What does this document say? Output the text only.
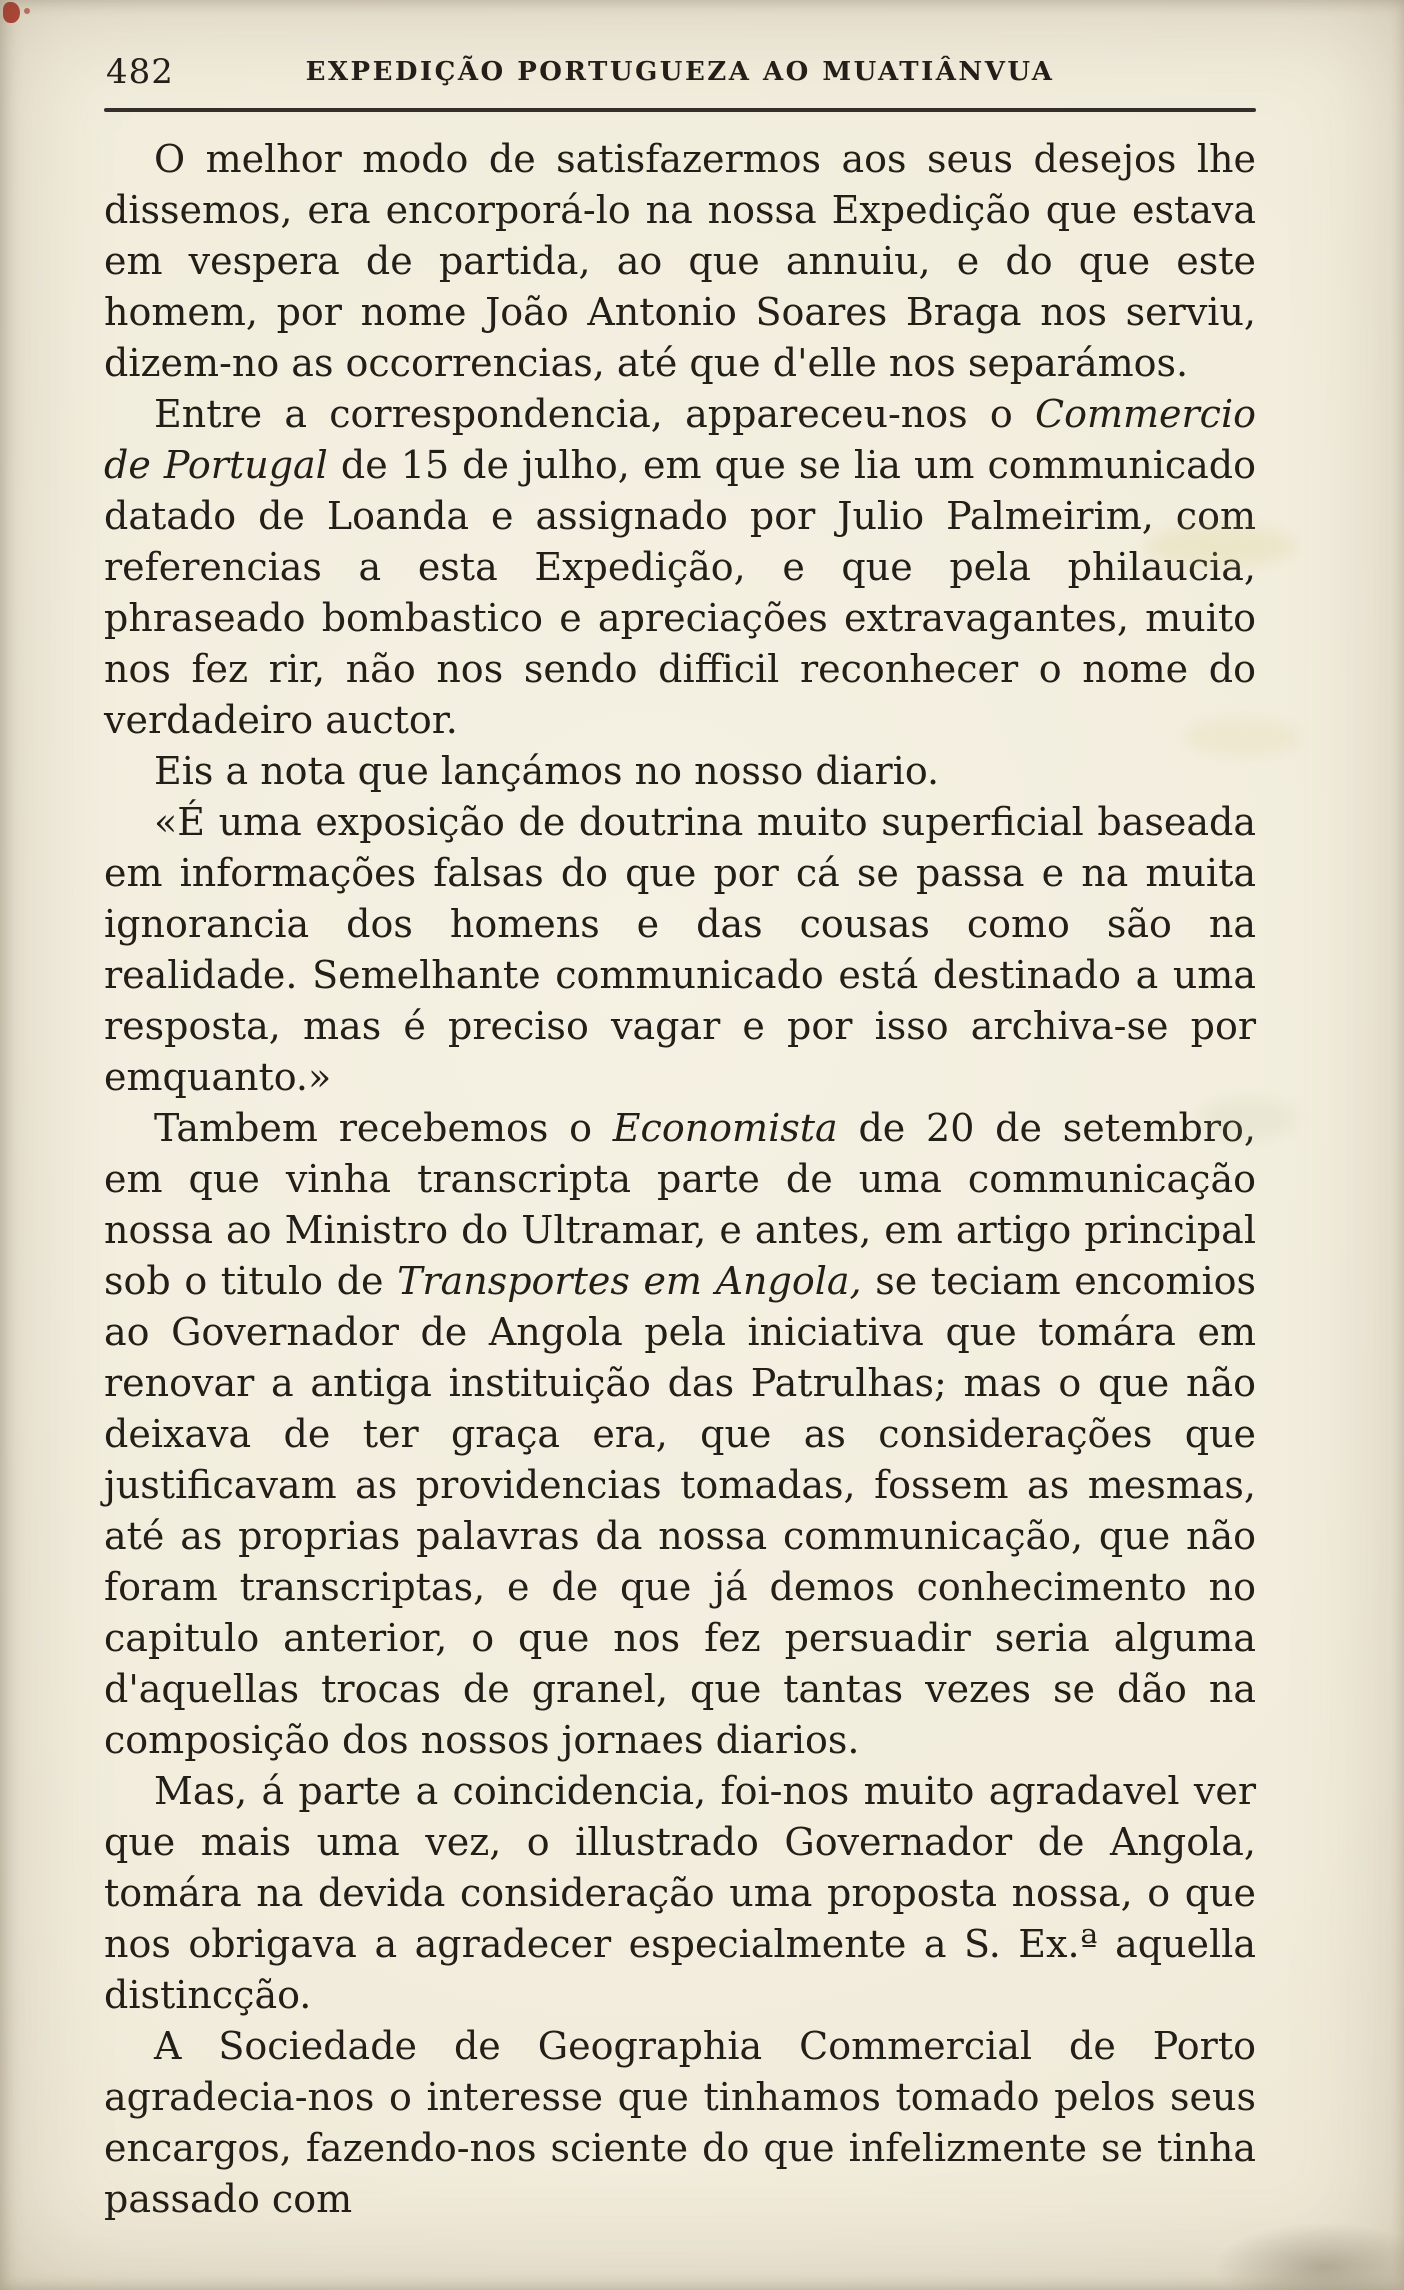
482	EXPEDIÇÃO PORTUGUEZA AO MUATIÂNVUA

O melhor modo de satisfazermos aos seus desejos lhe dissemos, era encorporá-lo na nossa Expedição que estava em vespera de partida, ao que annuiu, e do que este homem, por nome João Antonio Soares Braga nos serviu, dizem-no as occorrencias, até que d'elle nos separámos.

Entre a correspondencia, appareceu-nos o Commercio de Portugal de 15 de julho, em que se lia um communicado datado de Loanda e assignado por Julio Palmeirim, com referencias a esta Expedição, e que pela philaucia, phraseado bombastico e apreciações extravagantes, muito nos fez rir, não nos sendo difficil reconhecer o nome do verdadeiro auctor.

Eis a nota que lançámos no nosso diario.

«É uma exposição de doutrina muito superficial baseada em informações falsas do que por cá se passa e na muita ignorancia dos homens e das cousas como são na realidade. Semelhante communicado está destinado a uma resposta, mas é preciso vagar e por isso archiva-se por emquanto.»

Tambem recebemos o Economista de 20 de setembro, em que vinha transcripta parte de uma communicação nossa ao Ministro do Ultramar, e antes, em artigo principal sob o titulo de Transportes em Angola, se teciam encomios ao Governador de Angola pela iniciativa que tomára em renovar a antiga instituição das Patrulhas; mas o que não deixava de ter graça era, que as considerações que justificavam as providencias tomadas, fossem as mesmas, até as proprias palavras da nossa communicação, que não foram transcriptas, e de que já demos conhecimento no capitulo anterior, o que nos fez persuadir seria alguma d'aquellas trocas de granel, que tantas vezes se dão na composição dos nossos jornaes diarios.

Mas, á parte a coincidencia, foi-nos muito agradavel ver que mais uma vez, o illustrado Governador de Angola, tomára na devida consideração uma proposta nossa, o que nos obrigava a agradecer especialmente a S. Ex.ª aquella distincção.

A Sociedade de Geographia Commercial de Porto agradecia-nos o interesse que tinhamos tomado pelos seus encargos, fazendo-nos sciente do que infelizmente se tinha passado com
